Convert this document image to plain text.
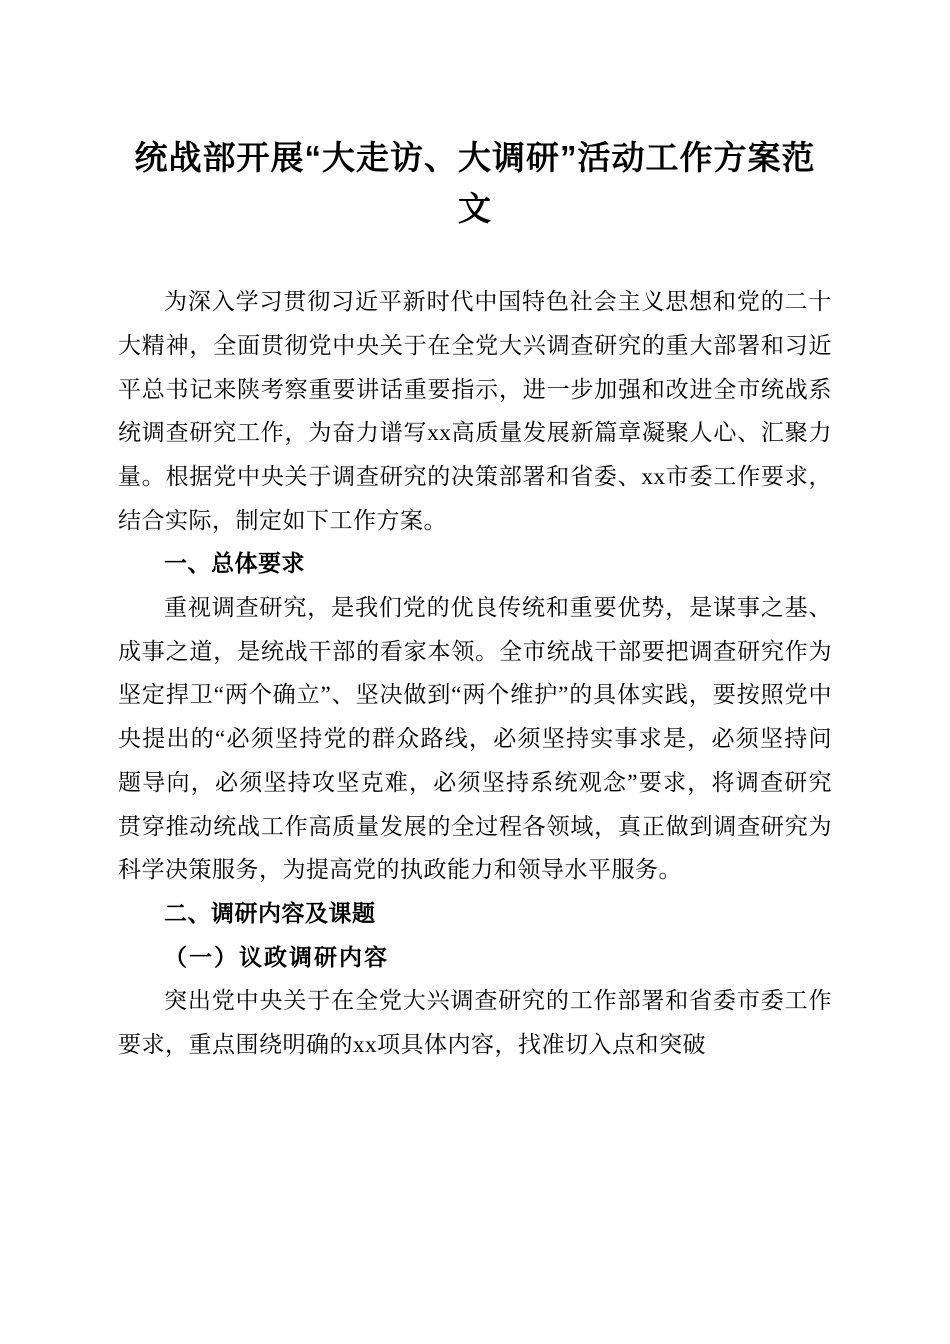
统战部开展“大走访、大调研”活动工作方案范文

为深入学习贯彻习近平新时代中国特色社会主义思想和党的二十大精神，全面贯彻党中央关于在全党大兴调查研究的重大部署和习近平总书记来陕考察重要讲话重要指示，进一步加强和改进全市统战系统调查研究工作，为奋力谱写xx高质量发展新篇章凝聚人心、汇聚力量。根据党中央关于调查研究的决策部署和省委、xx市委工作要求，结合实际，制定如下工作方案。

一、总体要求

重视调查研究，是我们党的优良传统和重要优势，是谋事之基、成事之道，是统战干部的看家本领。全市统战干部要把调查研究作为坚定捍卫“两个确立”、坚决做到“两个维护”的具体实践，要按照党中央提出的“必须坚持党的群众路线，必须坚持实事求是，必须坚持问题导向，必须坚持攻坚克难，必须坚持系统观念”要求，将调查研究贯穿推动统战工作高质量发展的全过程各领域，真正做到调查研究为科学决策服务，为提高党的执政能力和领导水平服务。

二、调研内容及课题

（一）议政调研内容

突出党中央关于在全党大兴调查研究的工作部署和省委市委工作要求，重点围绕明确的xx项具体内容，找准切入点和突破
